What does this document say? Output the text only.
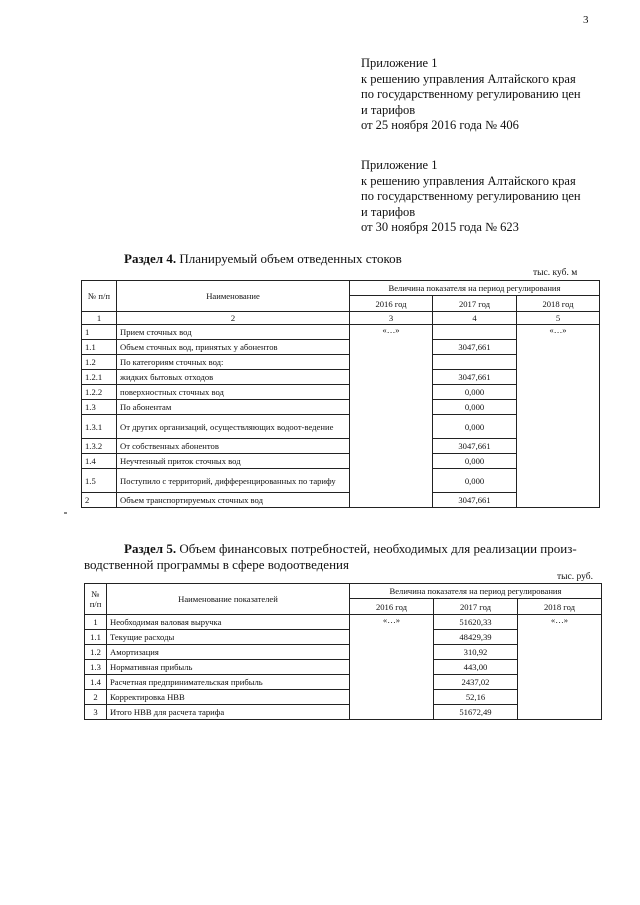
3
Приложение 1
к решению управления Алтайского края
по государственному регулированию цен
и тарифов
от 25 ноября 2016 года № 406
Приложение 1
к решению управления Алтайского края
по государственному регулированию цен
и тарифов
от 30 ноября 2015 года № 623
Раздел 4. Планируемый объем отведенных стоков
тыс. куб. м
№ п/п	Наименование	Величина показателя на период регулирования		
		2016 год	2017 год	2018 год
1	2	3	4	5
1	Прием сточных вод	«…»		«…»
1.1	Объем сточных вод, принятых у абонентов		3047,661	
1.2	По категориям сточных вод:			
1.2.1	жидких бытовых отходов		3047,661	
1.2.2	поверхностных сточных вод		0,000	
1.3	По абонентам		0,000	
1.3.1	От других организаций, осуществляющих водоот-ведение		0,000	
1.3.2	От собственных абонентов		3047,661	
1.4	Неучтенный приток сточных вод		0,000	
1.5	Поступило с территорий, дифференцированных по тарифу		0,000	
2	Объем транспортируемых сточных вод		3047,661	
Раздел 5. Объем финансовых потребностей, необходимых для реализации произ-
водственной программы в сфере водоотведения
тыс. руб.
№ п/п	Наименование показателей	Величина показателя на период регулирования		
		2016 год	2017 год	2018 год
1	Необходимая валовая выручка	«…»	51620,33	«…»
1.1	Текущие расходы		48429,39	
1.2	Амортизация		310,92	
1.3	Нормативная прибыль		443,00	
1.4	Расчетная предпринимательская прибыль		2437,02	
2	Корректировка НВВ		52,16	
3	Итого НВВ для расчета тарифа		51672,49	
